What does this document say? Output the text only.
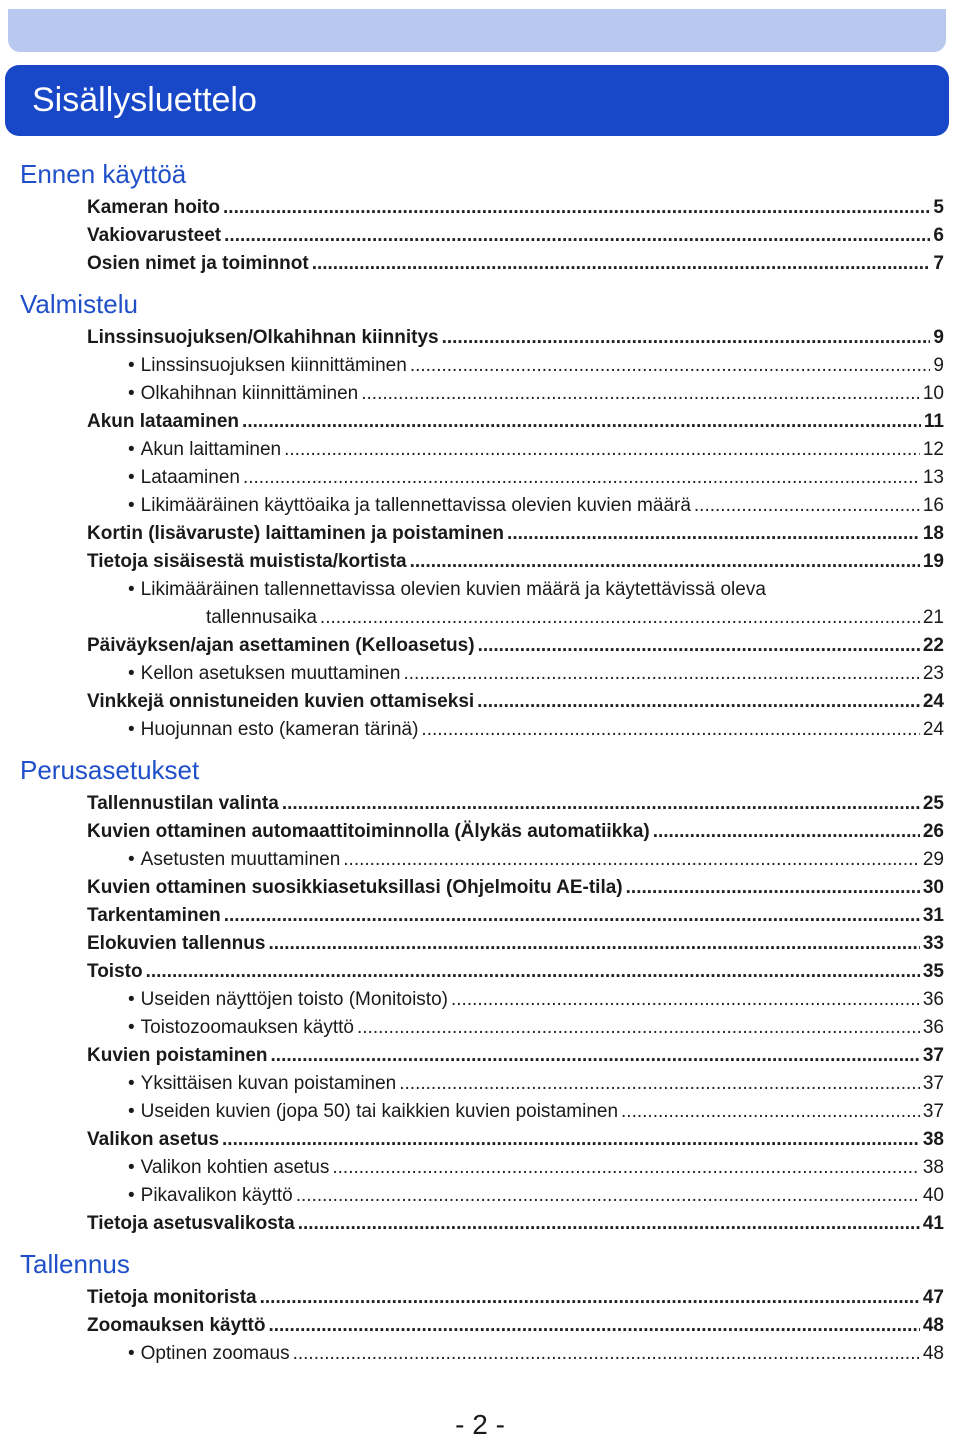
Sisällysluettelo
Ennen käyttöä
Kameran hoito .....	5
Vakiovarusteet .....	6
Osien nimet ja toiminnot .....	7
Valmistelu
Linssinsuojuksen/Olkahihnan kiinnitys .....	9
• Linssinsuojuksen kiinnittäminen .....	9
• Olkahihnan kiinnittäminen .....	10
Akun lataaminen .....	11
• Akun laittaminen .....	12
• Lataaminen .....	13
• Likimääräinen käyttöaika ja tallennettavissa olevien kuvien määrä .....	16
Kortin (lisävaruste) laittaminen ja poistaminen .....	18
Tietoja sisäisestä muistista/kortista .....	19
• Likimääräinen tallennettavissa olevien kuvien määrä ja käytettävissä oleva
tallennusaika .....	21
Päiväyksen/ajan asettaminen (Kelloasetus) .....	22
• Kellon asetuksen muuttaminen .....	23
Vinkkejä onnistuneiden kuvien ottamiseksi .....	24
• Huojunnan esto (kameran tärinä) .....	24
Perusasetukset
Tallennustilan valinta .....	25
Kuvien ottaminen automaattitoiminnolla (Älykäs automatiikka) .....	26
• Asetusten muuttaminen .....	29
Kuvien ottaminen suosikkiasetuksillasi (Ohjelmoitu AE-tila) .....	30
Tarkentaminen .....	31
Elokuvien tallennus .....	33
Toisto .....	35
• Useiden näyttöjen toisto (Monitoisto) .....	36
• Toistozoomauksen käyttö .....	36
Kuvien poistaminen .....	37
• Yksittäisen kuvan poistaminen .....	37
• Useiden kuvien (jopa 50) tai kaikkien kuvien poistaminen .....	37
Valikon asetus .....	38
• Valikon kohtien asetus .....	38
• Pikavalikon käyttö .....	40
Tietoja asetusvalikosta .....	41
Tallennus
Tietoja monitorista .....	47
Zoomauksen käyttö .....	48
• Optinen zoomaus .....	48
- 2 -
